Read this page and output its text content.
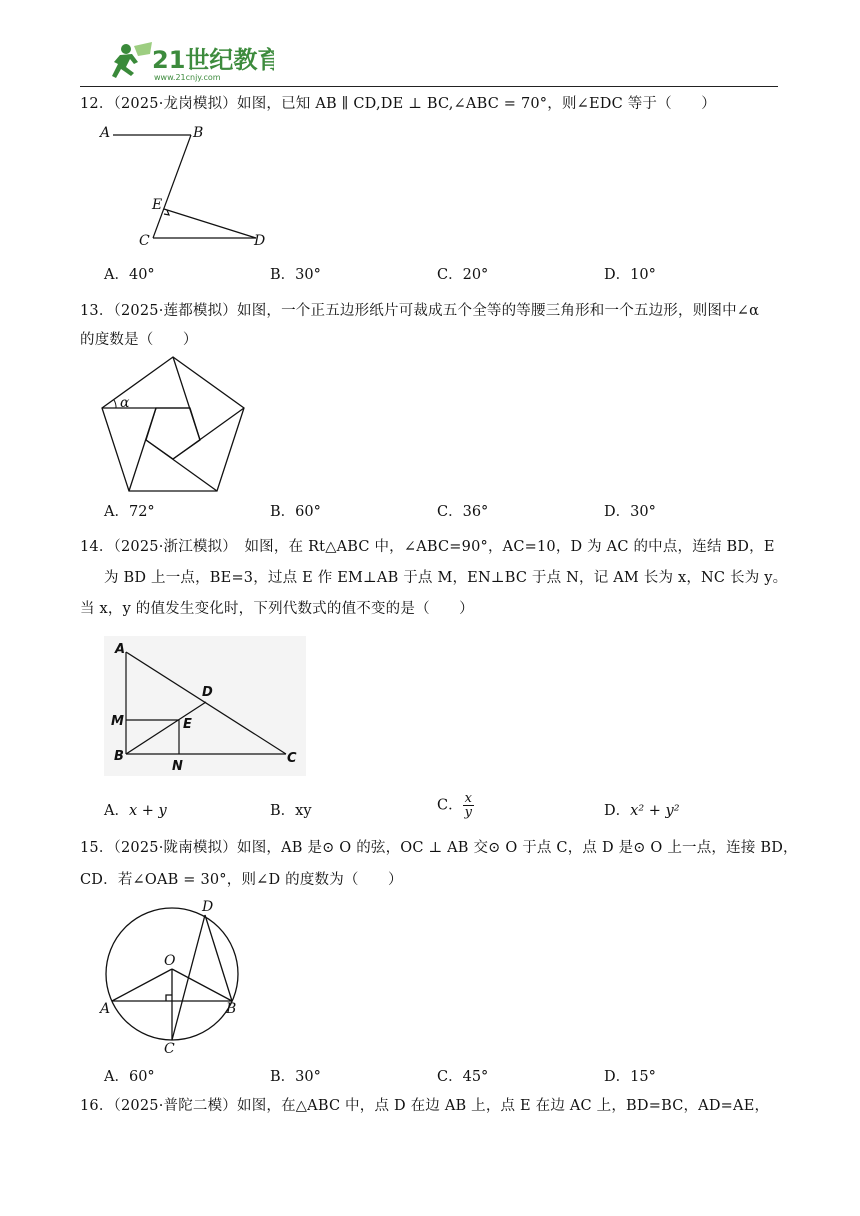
21世纪教育
www.21cnjy.com
12．（2025·龙岗模拟）如图，已知 AB ∥ CD,DE ⊥ BC,∠ABC = 70°，则∠EDC 等于（　　）
A	B
E
C	D
A．40°	B．30°	C．20°	D．10°
13．（2025·莲都模拟）如图，一个正五边形纸片可裁成五个全等的等腰三角形和一个五边形，则图中∠α
的度数是（　　）
α
A．72°	B．60°	C．36°	D．30°
14．（2025·浙江模拟）　如图，在 Rt△ABC 中，∠ABC=90°，AC=10，D 为 AC 的中点，连结 BD，E
为 BD 上一点，BE=3，过点 E 作 EM⊥AB 于点 M，EN⊥BC 于点 N，记 AM 长为 x，NC 长为 y。
当 x，y 的值发生变化时，下列代数式的值不变的是（　　）
A
D
M	E
B
N
C
A．x + y	B．xy	C． $\frac{x}{y}$	D．x² + y²
15．（2025·陇南模拟）如图，AB 是⊙ O 的弦，OC ⊥ AB 交⊙ O 于点 C，点 D 是⊙ O 上一点，连接 BD，
CD．若∠OAB = 30°，则∠D 的度数为（　　）
D
O
A	B
C
A．60°	B．30°	C．45°	D．15°
16．（2025·普陀二模）如图，在△ABC 中，点 D 在边 AB 上，点 E 在边 AC 上，BD=BC，AD=AE，
